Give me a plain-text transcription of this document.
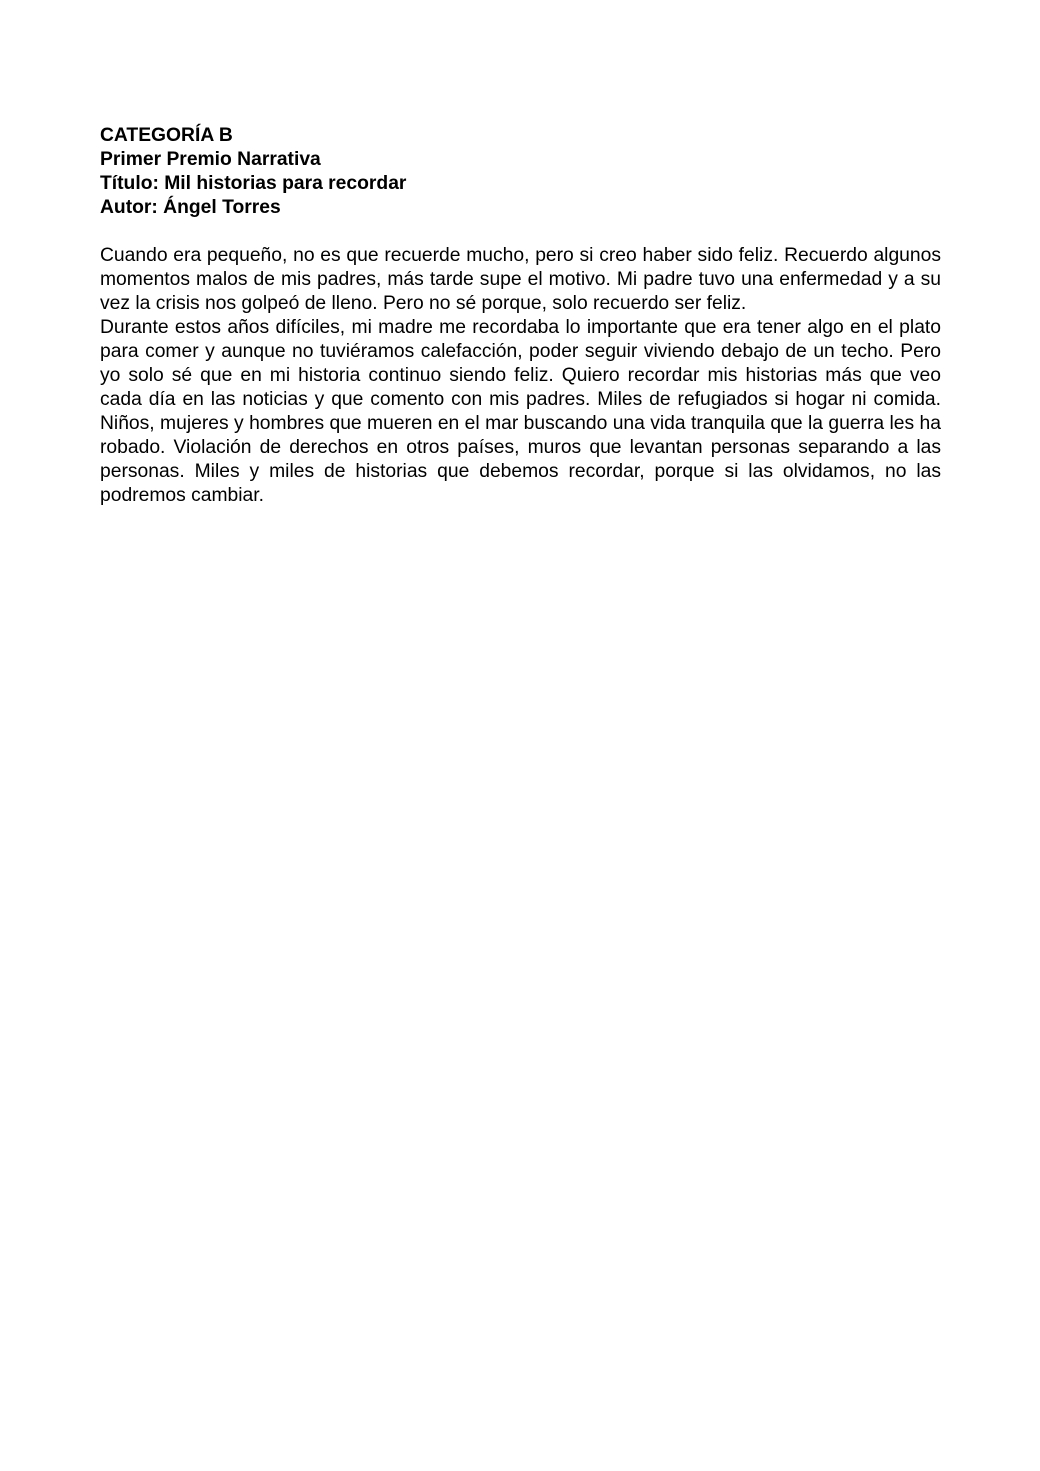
CATEGORÍA B
Primer Premio Narrativa
Título: Mil historias para recordar
Autor: Ángel Torres

Cuando era pequeño, no es que recuerde mucho, pero si creo haber sido feliz. Recuerdo algunos momentos malos de mis padres, más tarde supe el motivo. Mi padre tuvo una enfermedad y a su vez la crisis nos golpeó de lleno. Pero no sé porque, solo recuerdo ser feliz.

Durante estos años difíciles, mi madre me recordaba lo importante que era tener algo en el plato para comer y aunque no tuviéramos calefacción, poder seguir viviendo debajo de un techo. Pero yo solo sé que en mi historia continuo siendo feliz. Quiero recordar mis historias más que veo cada día en las noticias y que comento con mis padres. Miles de refugiados si hogar ni comida. Niños, mujeres y hombres que mueren en el mar buscando una vida tranquila que la guerra les ha robado. Violación de derechos en otros países, muros que levantan personas separando a las personas. Miles y miles de historias que debemos recordar, porque si las olvidamos, no las podremos cambiar.
